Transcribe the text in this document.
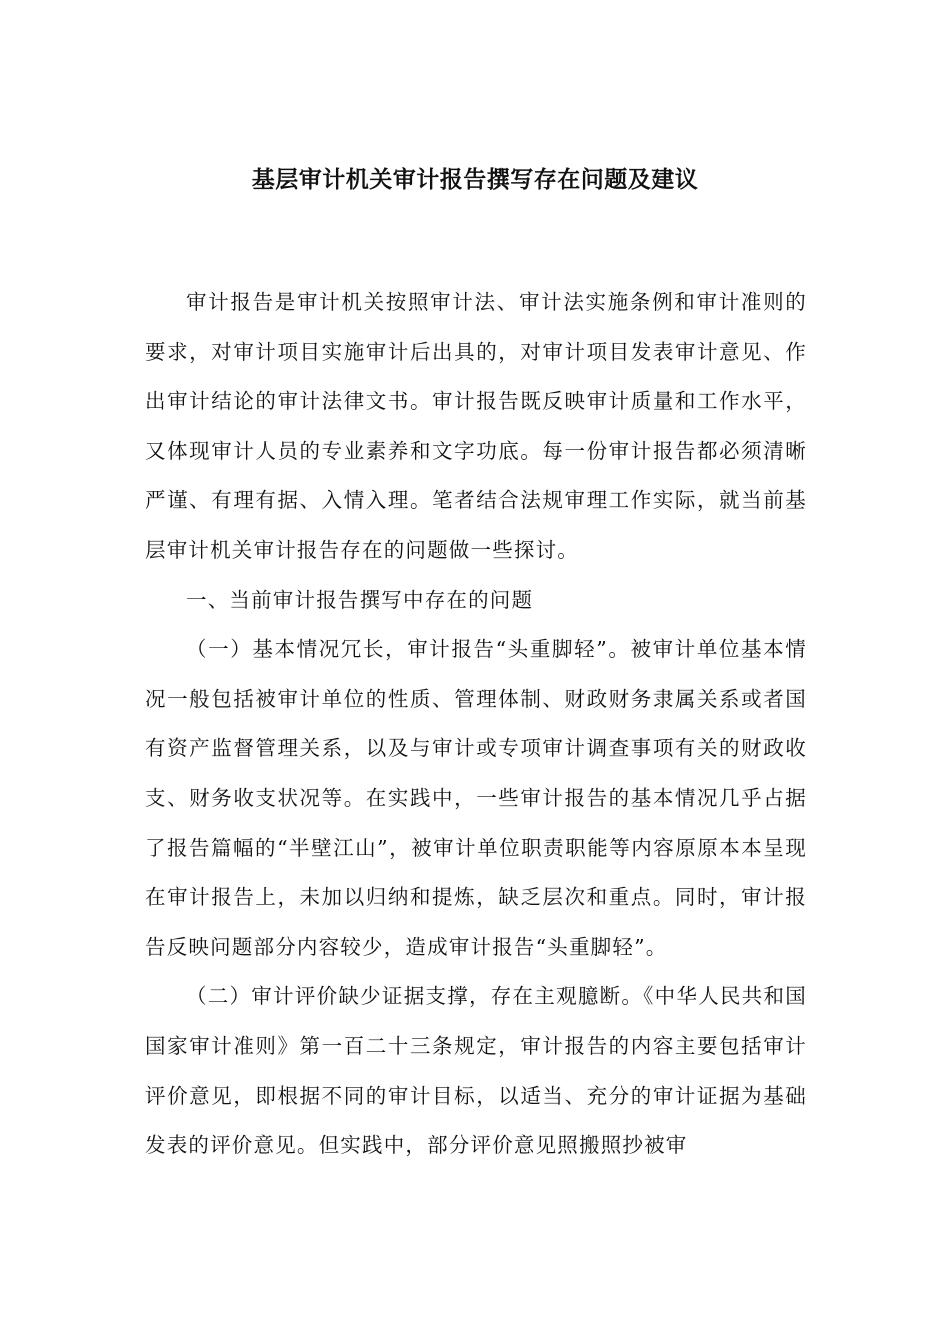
基层审计机关审计报告撰写存在问题及建议

审计报告是审计机关按照审计法、审计法实施条例和审计准则的要求，对审计项目实施审计后出具的，对审计项目发表审计意见、作出审计结论的审计法律文书。审计报告既反映审计质量和工作水平，又体现审计人员的专业素养和文字功底。每一份审计报告都必须清晰严谨、有理有据、入情入理。笔者结合法规审理工作实际，就当前基层审计机关审计报告存在的问题做一些探讨。

一、当前审计报告撰写中存在的问题

（一）基本情况冗长，审计报告“头重脚轻”。被审计单位基本情况一般包括被审计单位的性质、管理体制、财政财务隶属关系或者国有资产监督管理关系，以及与审计或专项审计调查事项有关的财政收支、财务收支状况等。在实践中，一些审计报告的基本情况几乎占据了报告篇幅的“半壁江山”，被审计单位职责职能等内容原原本本呈现在审计报告上，未加以归纳和提炼，缺乏层次和重点。同时，审计报告反映问题部分内容较少，造成审计报告“头重脚轻”。

（二）审计评价缺少证据支撑，存在主观臆断。《中华人民共和国国家审计准则》第一百二十三条规定，审计报告的内容主要包括审计评价意见，即根据不同的审计目标，以适当、充分的审计证据为基础发表的评价意见。但实践中，部分评价意见照搬照抄被审
